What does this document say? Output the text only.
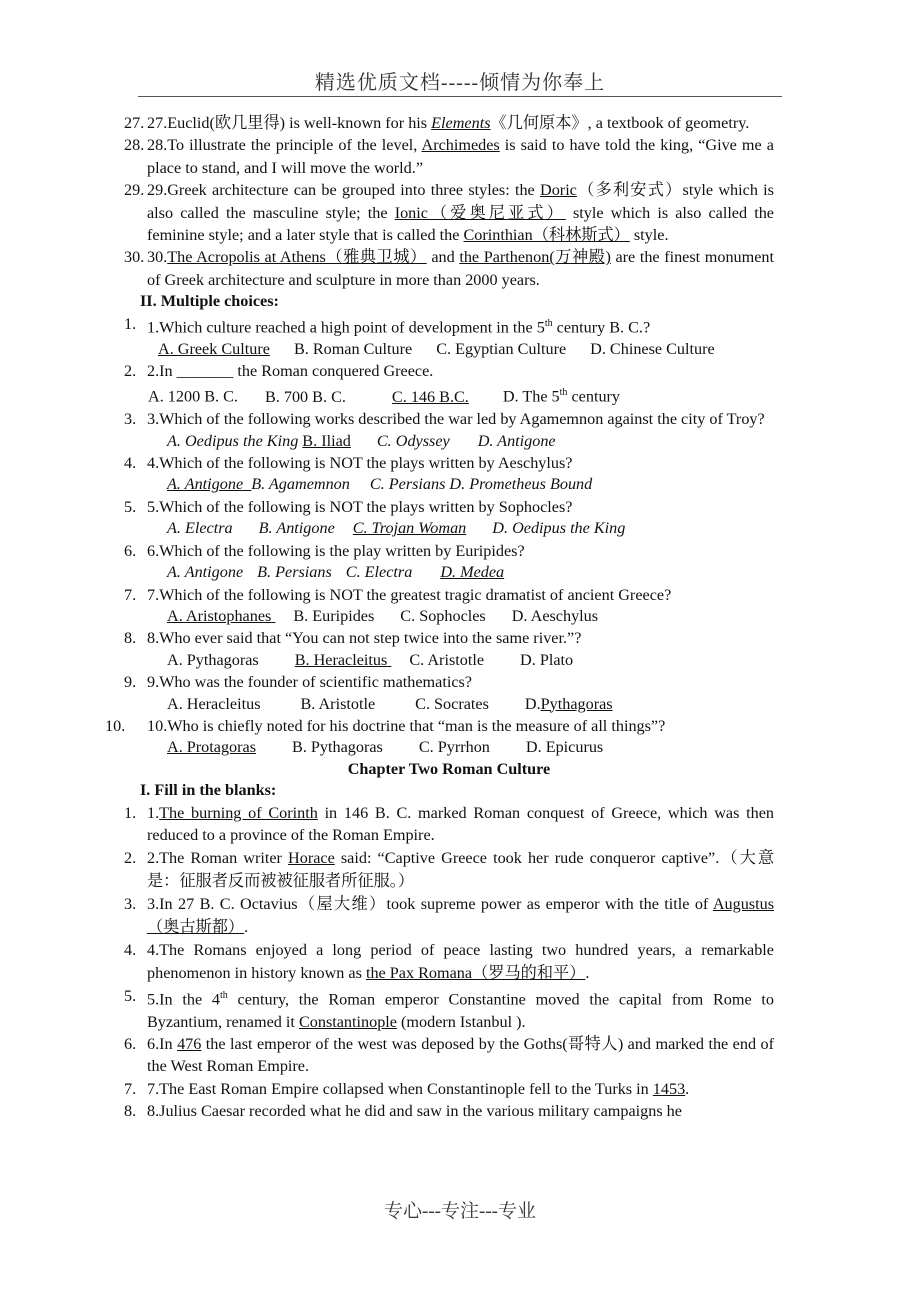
精选优质文档-----倾情为你奉上
27. 27.Euclid(欧几里得) is well-known for his Elements《几何原本》, a textbook of geometry.
28. 28.To illustrate the principle of the level, Archimedes is said to have told the king, “Give me a place to stand, and I will move the world.”
29. 29.Greek architecture can be grouped into three styles: the Doric（多利安式）style which is also called the masculine style; the Ionic（爱奥尼亚式） style which is also called the feminine style; and a later style that is called the Corinthian（科林斯式） style.
30. 30.The Acropolis at Athens（雅典卫城） and the Parthenon(万神殿) are the finest monument of Greek architecture and sculpture in more than 2000 years.
II. Multiple choices:
1. 1.Which culture reached a high point of development in the 5th century B. C.?
A. Greek Culture B. Roman Culture C. Egyptian Culture D. Chinese Culture
2. 2.In _______ the Roman conquered Greece.
A. 1200 B. C. B. 700 B. C.	C. 146 B.C. D. The 5th century
3. 3.Which of the following works described the war led by Agamemnon against the city of Troy?
A. Oedipus the King B. Iliad C. Odyssey D. Antigone
4. 4.Which of the following is NOT the plays written by Aeschylus?
A. Antigone B. Agamemnon C. Persians D. Prometheus Bound
5. 5.Which of the following is NOT the plays written by Sophocles?
A. Electra B. Antigone C. Trojan Woman D. Oedipus the King
6. 6.Which of the following is the play written by Euripides?
A. Antigone B. Persians C. Electra D. Medea
7. 7.Which of the following is NOT the greatest tragic dramatist of ancient Greece?
A. Aristophanes B. Euripides C. Sophocles D. Aeschylus
8. 8.Who ever said that “You can not step twice into the same river.”?
A. Pythagoras B. Heracleitus C. Aristotle D. Plato
9. 9.Who was the founder of scientific mathematics?
A. Heracleitus B. Aristotle C. Socrates D.Pythagoras
10. 10.Who is chiefly noted for his doctrine that “man is the measure of all things”?
A. Protagoras B. Pythagoras C. Pyrrhon D. Epicurus
Chapter Two Roman Culture
I. Fill in the blanks:
1. 1.The burning of Corinth in 146 B. C. marked Roman conquest of Greece, which was then reduced to a province of the Roman Empire.
2. 2.The Roman writer Horace said: “Captive Greece took her rude conqueror captive”.（大意是：征服者反而被被征服者所征服。）
3. 3.In 27 B. C. Octavius（屋大维）took supreme power as emperor with the title of Augustus（奥古斯都）.
4. 4.The Romans enjoyed a long period of peace lasting two hundred years, a remarkable phenomenon in history known as the Pax Romana（罗马的和平）.
5. 5.In the 4th century, the Roman emperor Constantine moved the capital from Rome to Byzantium, renamed it Constantinople (modern Istanbul ).
6. 6.In 476 the last emperor of the west was deposed by the Goths(哥特人) and marked the end of the West Roman Empire.
7. 7.The East Roman Empire collapsed when Constantinople fell to the Turks in 1453.
8. 8.Julius Caesar recorded what he did and saw in the various military campaigns he
专心---专注---专业
